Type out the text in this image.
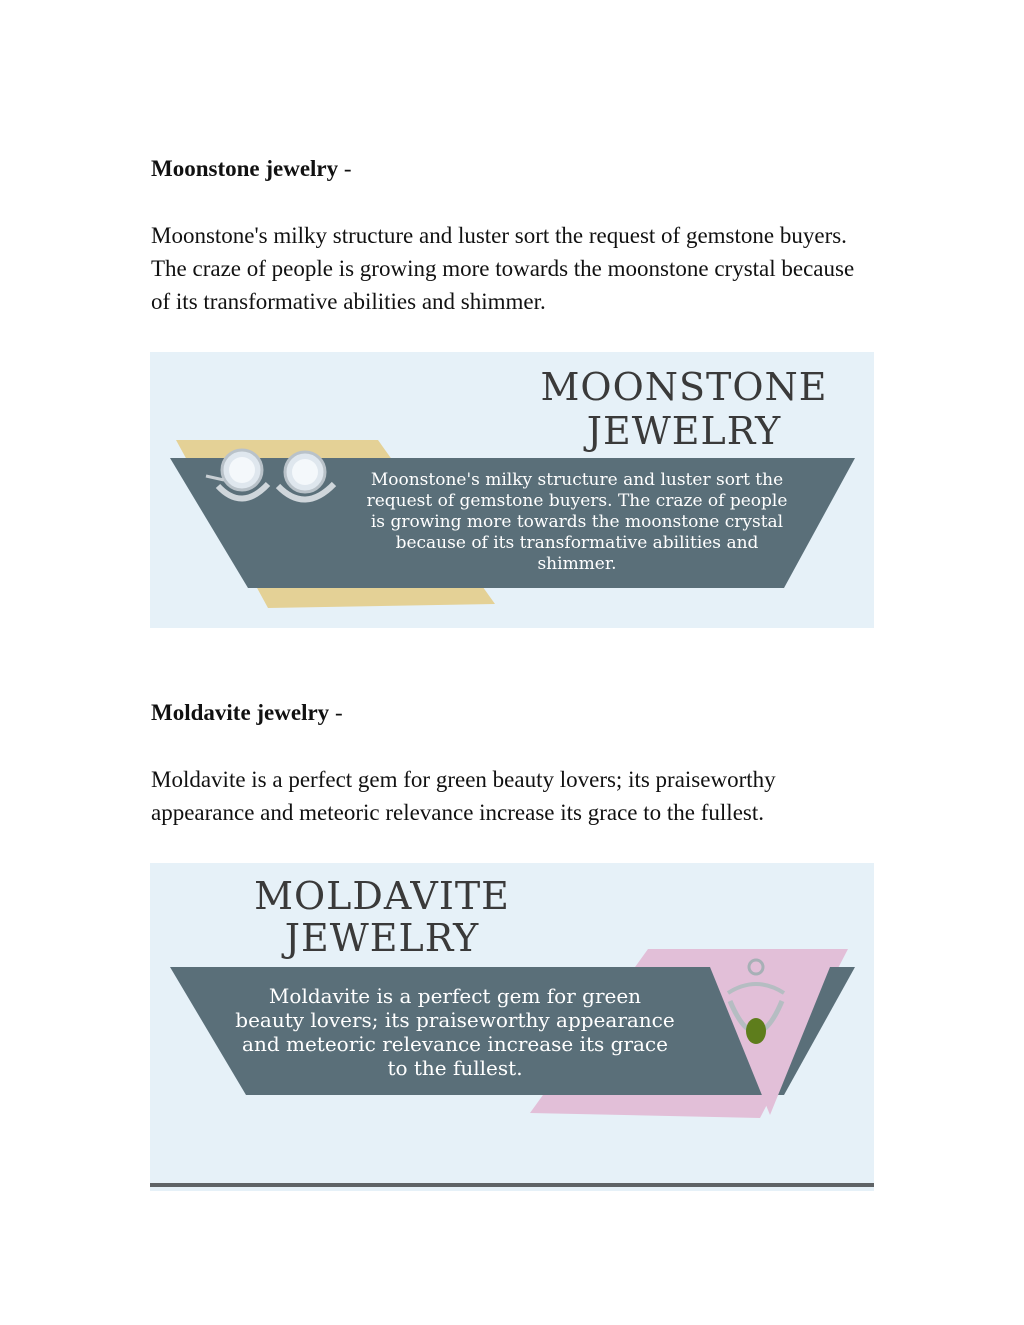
Moonstone jewelry -

Moonstone's milky structure and luster sort the request of gemstone buyers. The craze of people is growing more towards the moonstone crystal because of its transformative abilities and shimmer.

MOONSTONE
JEWELRY
Moonstone's milky structure and luster sort the
request of gemstone buyers. The craze of people
is growing more towards the moonstone crystal
because of its transformative abilities and
shimmer.
Moldavite jewelry -

Moldavite is a perfect gem for green beauty lovers; its praiseworthy appearance and meteoric relevance increase its grace to the fullest.

MOLDAVITE
JEWELRY
Moldavite is a perfect gem for green
beauty lovers; its praiseworthy appearance
and meteoric relevance increase its grace
to the fullest.
